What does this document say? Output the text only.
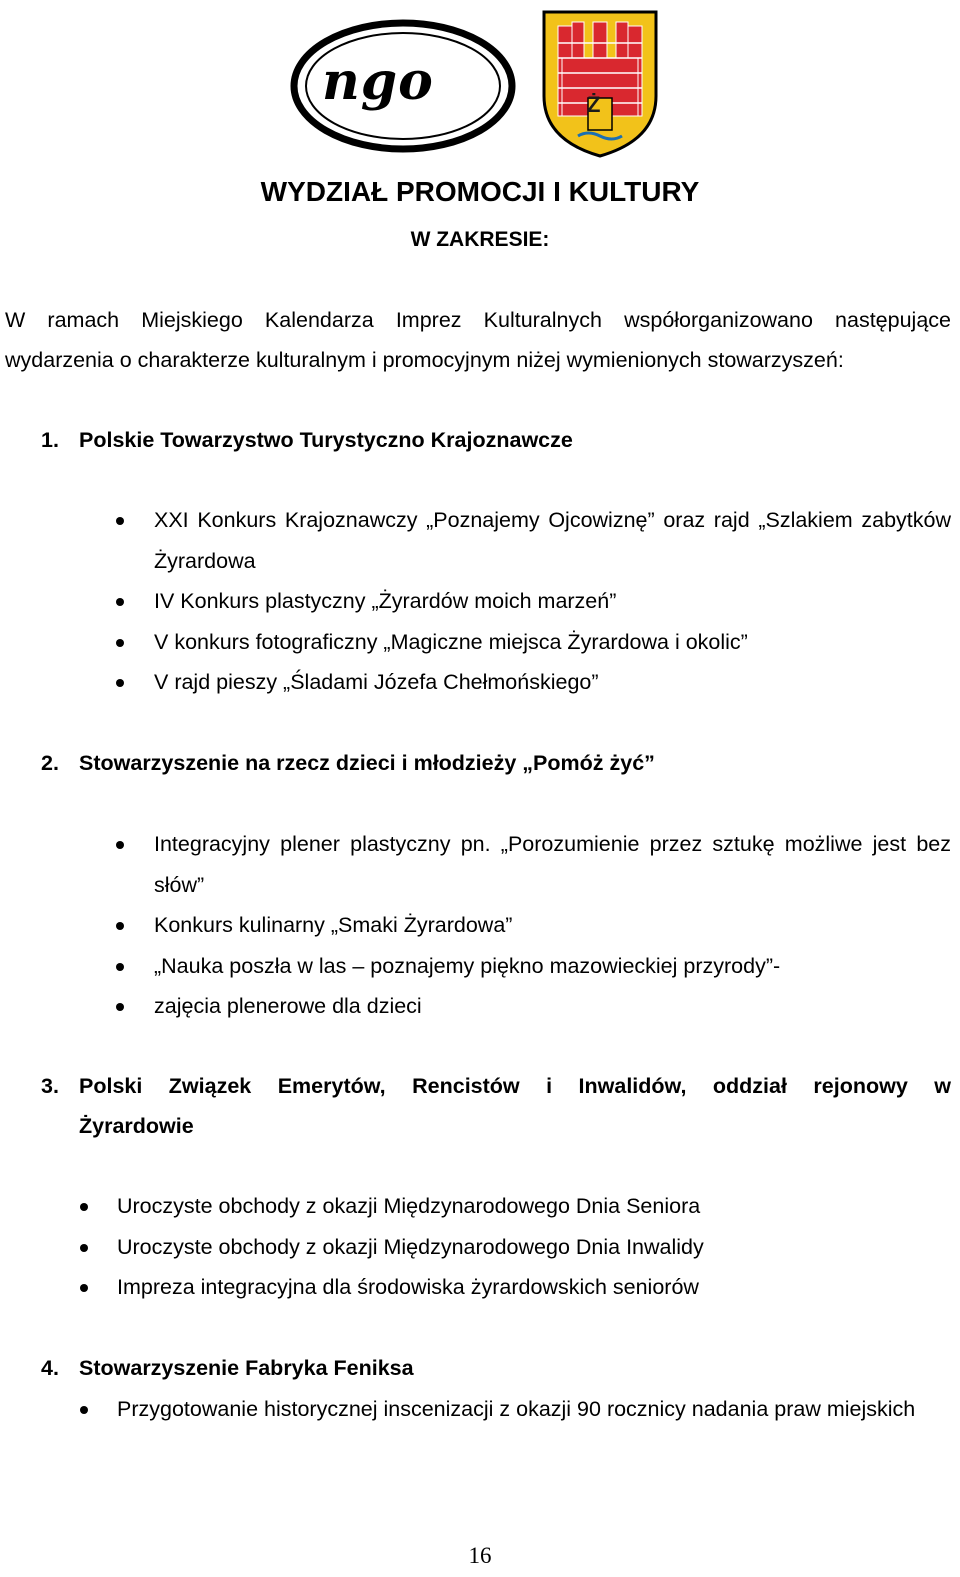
ngo	Ż
WYDZIAŁ PROMOCJI I KULTURY
W ZAKRESIE:
W ramach Miejskiego Kalendarza Imprez Kulturalnych współorganizowano następujące wydarzenia o charakterze kulturalnym i promocyjnym niżej wymienionych stowarzyszeń:
1. Polskie Towarzystwo Turystyczno Krajoznawcze
XXI Konkurs Krajoznawczy „Poznajemy Ojcowiznę” oraz rajd „Szlakiem zabytków Żyrardowa
IV Konkurs plastyczny „Żyrardów moich marzeń”
V konkurs fotograficzny „Magiczne miejsca Żyrardowa i okolic”
V rajd pieszy „Śladami Józefa Chełmońskiego”
2. Stowarzyszenie na rzecz dzieci i młodzieży „Pomóż żyć”
Integracyjny plener plastyczny pn. „Porozumienie przez sztukę możliwe jest bez słów”
Konkurs kulinarny „Smaki Żyrardowa”
„Nauka poszła w las – poznajemy piękno mazowieckiej przyrody”-
zajęcia plenerowe dla dzieci
3. Polski Związek Emerytów, Rencistów i Inwalidów, oddział rejonowy w Żyrardowie
Uroczyste obchody z okazji Międzynarodowego Dnia Seniora
Uroczyste obchody z okazji Międzynarodowego Dnia Inwalidy
Impreza integracyjna dla środowiska żyrardowskich seniorów
4. Stowarzyszenie Fabryka Feniksa
Przygotowanie historycznej inscenizacji z okazji 90 rocznicy nadania praw miejskich
16
